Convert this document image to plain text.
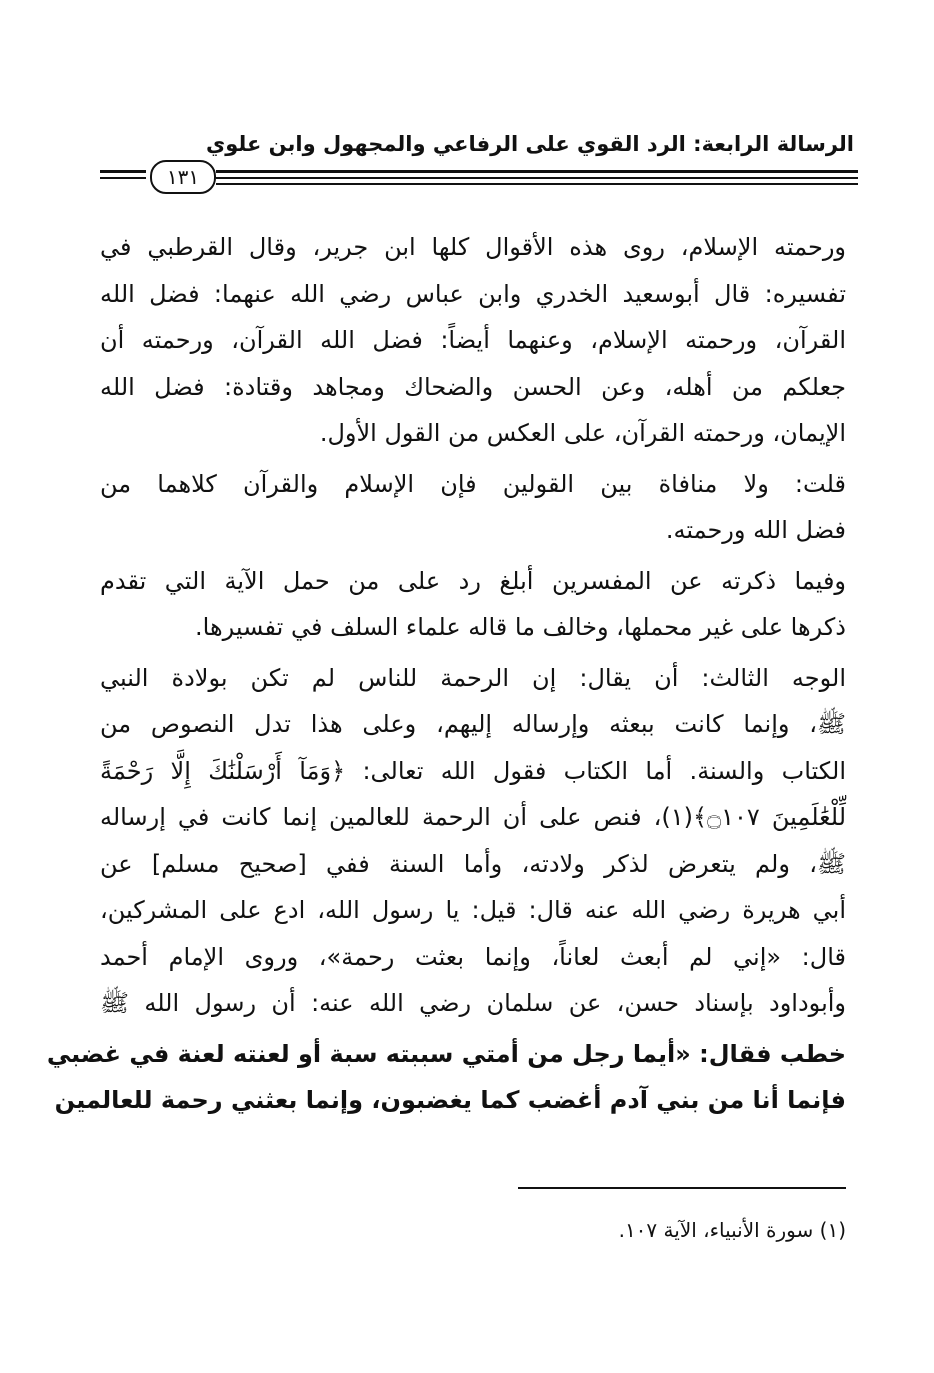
الرسالة الرابعة: الرد القوي على الرفاعي والمجهول وابن علوي
١٣١
ورحمته الإسلام، روى هذه الأقوال كلها ابن جرير، وقال القرطبي في
تفسيره: قال أبوسعيد الخدري وابن عباس رضي الله عنهما: فضل الله
القرآن، ورحمته الإسلام، وعنهما أيضاً: فضل الله القرآن، ورحمته أن
جعلكم من أهله، وعن الحسن والضحاك ومجاهد وقتادة: فضل الله
الإيمان، ورحمته القرآن، على العكس من القول الأول.
قلت: ولا منافاة بين القولين فإن الإسلام والقرآن كلاهما من
فضل الله ورحمته.
وفيما ذكرته عن المفسرين أبلغ رد على من حمل الآية التي تقدم
ذكرها على غير محملها، وخالف ما قاله علماء السلف في تفسيرها.
الوجه الثالث: أن يقال: إن الرحمة للناس لم تكن بولادة النبي
ﷺ، وإنما كانت ببعثه وإرساله إليهم، وعلى هذا تدل النصوص من
الكتاب والسنة. أما الكتاب فقول الله تعالى: ﴿وَمَآ أَرْسَلْنَٰكَ إِلَّا رَحْمَةً
لِّلْعَٰلَمِينَ ۝١٠٧﴾(١)، فنص على أن الرحمة للعالمين إنما كانت في إرساله
ﷺ، ولم يتعرض لذكر ولادته، وأما السنة ففي [صحيح مسلم] عن
أبي هريرة رضي الله عنه قال: قيل: يا رسول الله، ادع على المشركين،
قال: «إني لم أبعث لعاناً، وإنما بعثت رحمة»، وروى الإمام أحمد
وأبوداود بإسناد حسن، عن سلمان رضي الله عنه: أن رسول الله ﷺ
خطب فقال: «أيما رجل من أمتي سببته سبة أو لعنته لعنة في غضبي
فإنما أنا من بني آدم أغضب كما يغضبون، وإنما بعثني رحمة للعالمين
(١) سورة الأنبياء، الآية ١٠٧.
